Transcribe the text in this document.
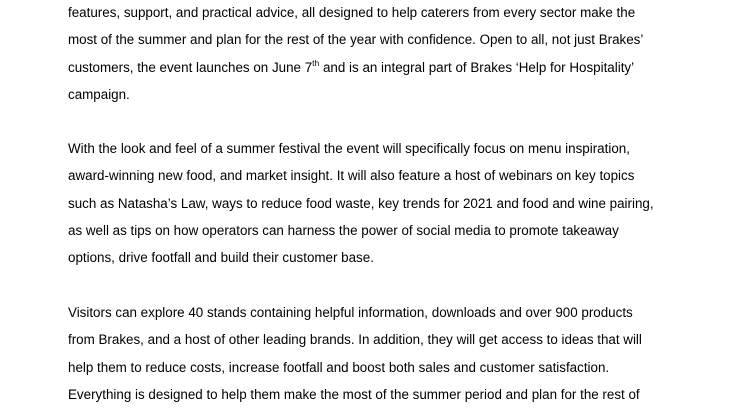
features, support, and practical advice, all designed to help caterers from every sector make the
most of the summer and plan for the rest of the year with confidence. Open to all, not just Brakes’
customers, the event launches on June 7th and is an integral part of Brakes ‘Help for Hospitality’
campaign.
With the look and feel of a summer festival the event will specifically focus on menu inspiration,
award-winning new food, and market insight. It will also feature a host of webinars on key topics
such as Natasha’s Law, ways to reduce food waste, key trends for 2021 and food and wine pairing,
as well as tips on how operators can harness the power of social media to promote takeaway
options, drive footfall and build their customer base.
Visitors can explore 40 stands containing helpful information, downloads and over 900 products
from Brakes, and a host of other leading brands. In addition, they will get access to ideas that will
help them to reduce costs, increase footfall and boost both sales and customer satisfaction.
Everything is designed to help them make the most of the summer period and plan for the rest of
